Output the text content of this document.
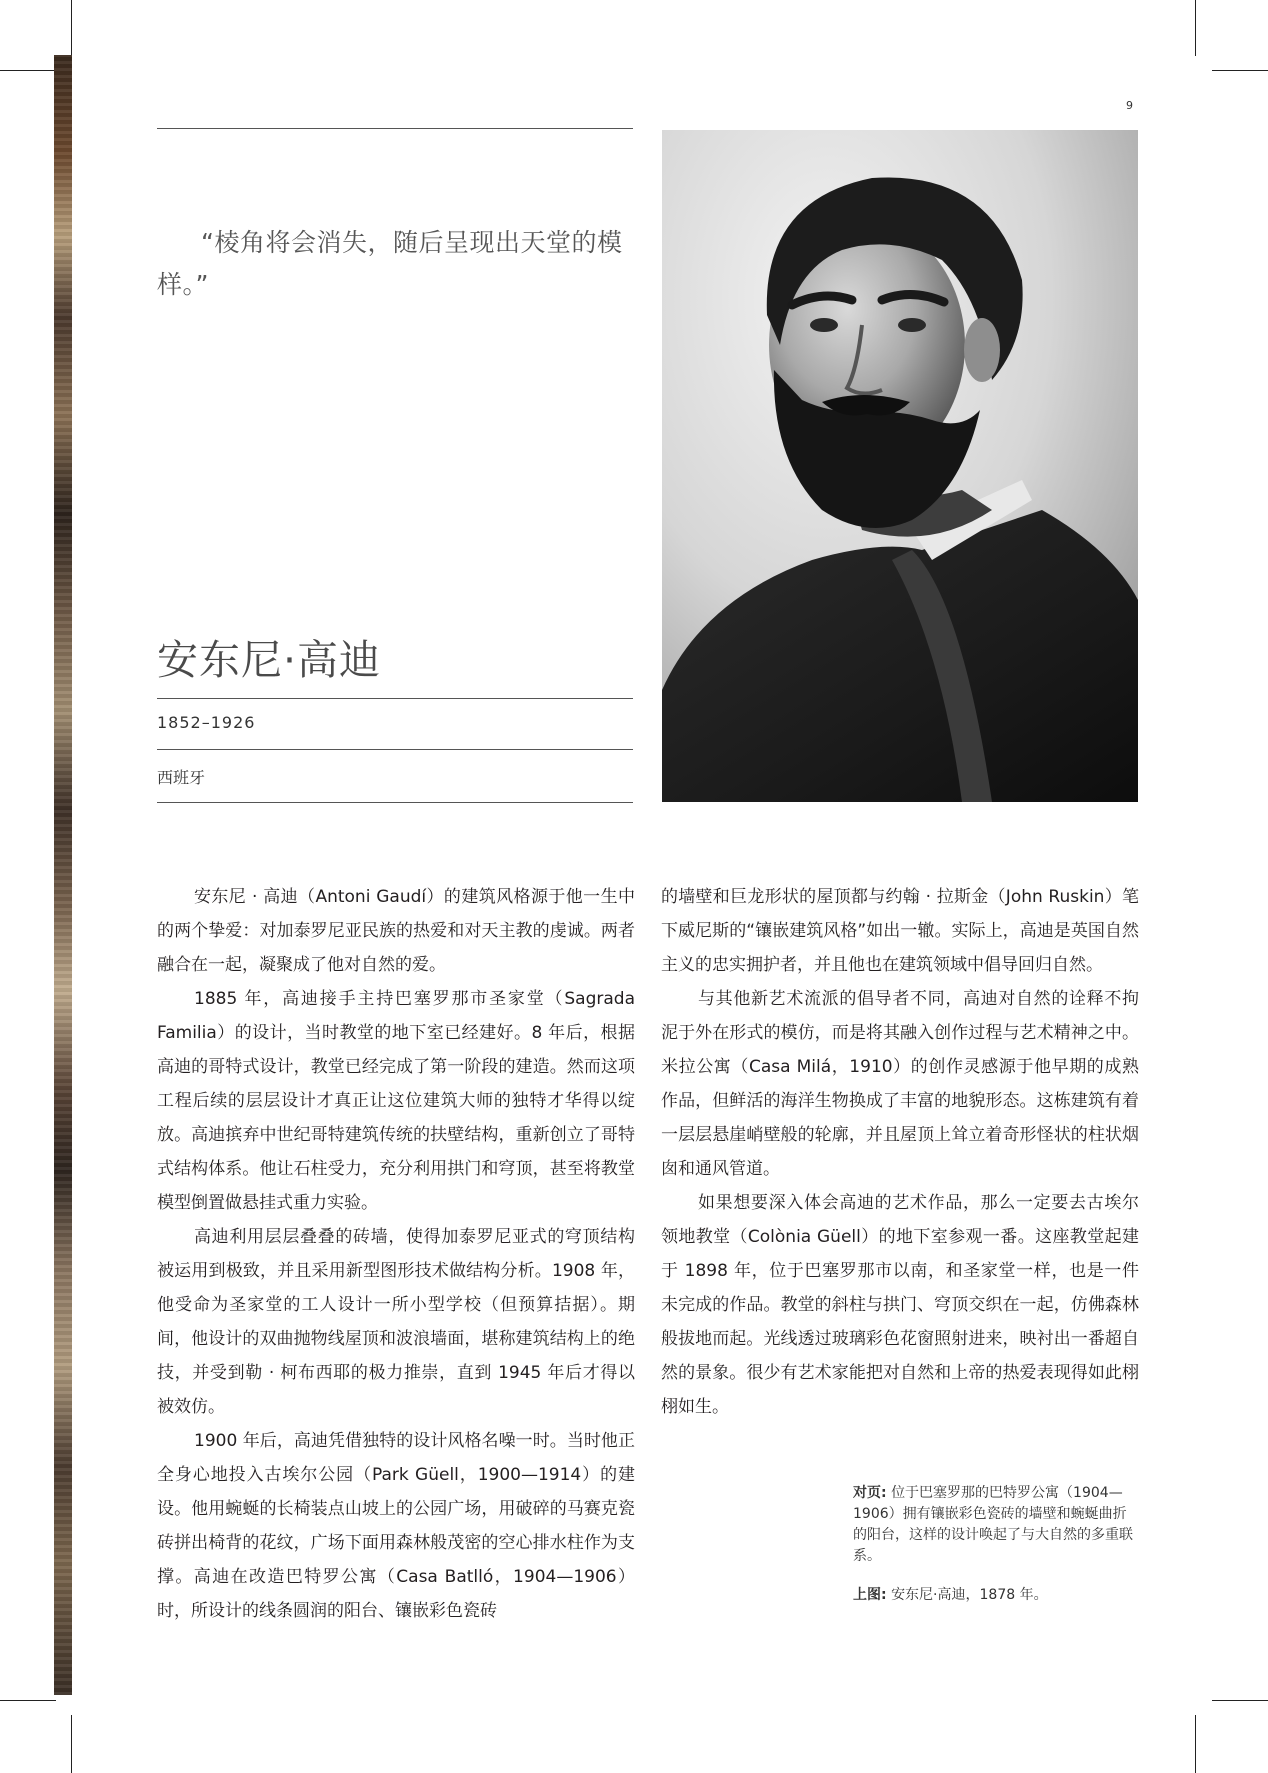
9
“棱角将会消失，随后呈现出天堂的模样。”
安东尼·高迪
1852–1926
西班牙

安东尼 · 高迪（Antoni Gaudí）的建筑风格源于他一生中的两个挚爱：对加泰罗尼亚民族的热爱和对天主教的虔诚。两者融合在一起，凝聚成了他对自然的爱。

1885 年，高迪接手主持巴塞罗那市圣家堂（Sagrada Familia）的设计，当时教堂的地下室已经建好。8 年后，根据高迪的哥特式设计，教堂已经完成了第一阶段的建造。然而这项工程后续的层层设计才真正让这位建筑大师的独特才华得以绽放。高迪摈弃中世纪哥特建筑传统的扶壁结构，重新创立了哥特式结构体系。他让石柱受力，充分利用拱门和穹顶，甚至将教堂模型倒置做悬挂式重力实验。

高迪利用层层叠叠的砖墙，使得加泰罗尼亚式的穹顶结构被运用到极致，并且采用新型图形技术做结构分析。1908 年，他受命为圣家堂的工人设计一所小型学校（但预算拮据）。期间，他设计的双曲抛物线屋顶和波浪墙面，堪称建筑结构上的绝技，并受到勒 · 柯布西耶的极力推崇，直到 1945 年后才得以被效仿。

1900 年后，高迪凭借独特的设计风格名噪一时。当时他正全身心地投入古埃尔公园（Park Güell，1900—1914）的建设。他用蜿蜒的长椅装点山坡上的公园广场，用破碎的马赛克瓷砖拼出椅背的花纹，广场下面用森林般茂密的空心排水柱作为支撑。高迪在改造巴特罗公寓（Casa Batlló，1904—1906）时，所设计的线条圆润的阳台、镶嵌彩色瓷砖

的墙壁和巨龙形状的屋顶都与约翰 · 拉斯金（John Ruskin）笔下威尼斯的“镶嵌建筑风格”如出一辙。实际上，高迪是英国自然主义的忠实拥护者，并且他也在建筑领域中倡导回归自然。

与其他新艺术流派的倡导者不同，高迪对自然的诠释不拘泥于外在形式的模仿，而是将其融入创作过程与艺术精神之中。米拉公寓（Casa Milá，1910）的创作灵感源于他早期的成熟作品，但鲜活的海洋生物换成了丰富的地貌形态。这栋建筑有着一层层悬崖峭壁般的轮廓，并且屋顶上耸立着奇形怪状的柱状烟囱和通风管道。

如果想要深入体会高迪的艺术作品，那么一定要去古埃尔领地教堂（Colònia Güell）的地下室参观一番。这座教堂起建于 1898 年，位于巴塞罗那市以南，和圣家堂一样，也是一件未完成的作品。教堂的斜柱与拱门、穹顶交织在一起，仿佛森林般拔地而起。光线透过玻璃彩色花窗照射进来，映衬出一番超自然的景象。很少有艺术家能把对自然和上帝的热爱表现得如此栩栩如生。

对页: 位于巴塞罗那的巴特罗公寓（1904—1906）拥有镶嵌彩色瓷砖的墙壁和蜿蜒曲折的阳台，这样的设计唤起了与大自然的多重联系。

上图: 安东尼·高迪，1878 年。
